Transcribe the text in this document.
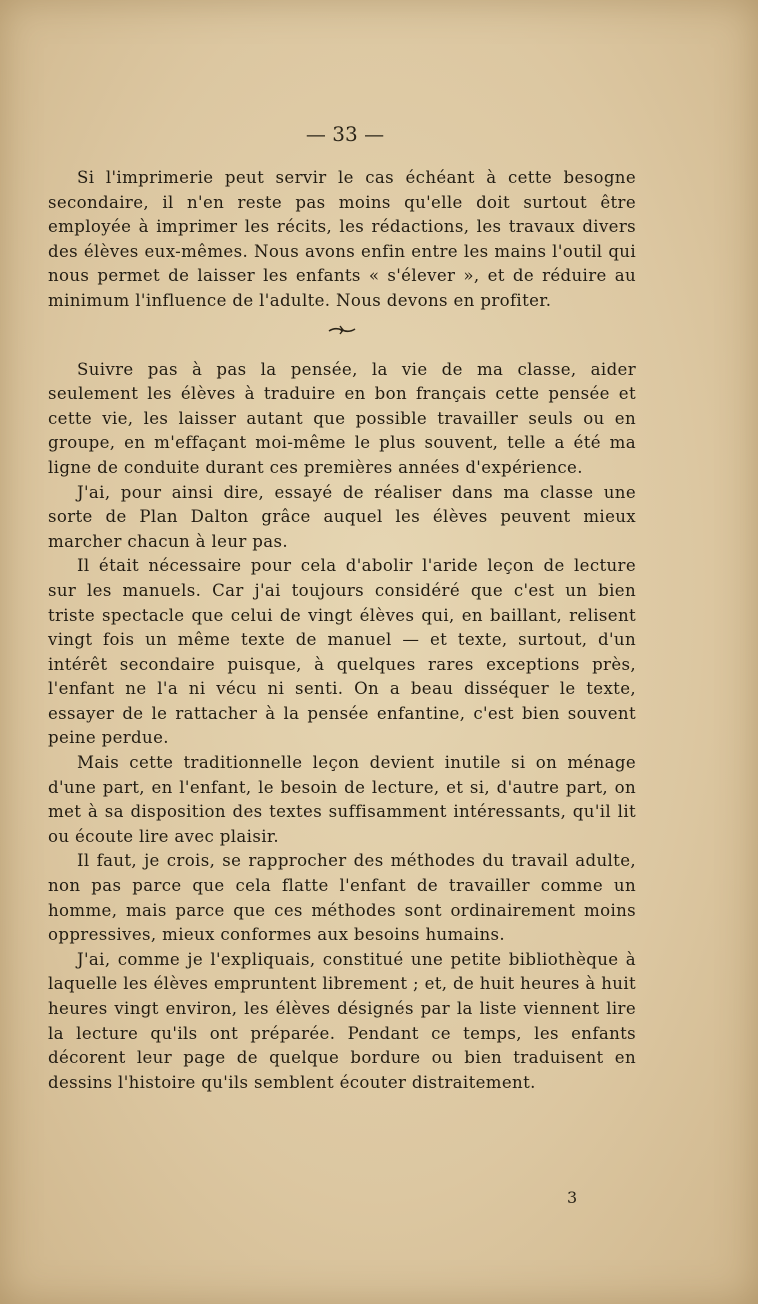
— 33 —

Si l'imprimerie peut servir le cas échéant à cette besogne secondaire, il n'en reste pas moins qu'elle doit surtout être employée à imprimer les récits, les rédactions, les travaux divers des élèves eux-mêmes. Nous avons enfin entre les mains l'outil qui nous permet de laisser les enfants « s'élever », et de réduire au minimum l'influence de l'adulte. Nous devons en profiter.

Suivre pas à pas la pensée, la vie de ma classe, aider seulement les élèves à traduire en bon français cette pensée et cette vie, les laisser autant que possible travailler seuls ou en groupe, en m'effaçant moi-même le plus souvent, telle a été ma ligne de conduite durant ces premières années d'expérience.

J'ai, pour ainsi dire, essayé de réaliser dans ma classe une sorte de Plan Dalton grâce auquel les élèves peuvent mieux marcher chacun à leur pas.

Il était nécessaire pour cela d'abolir l'aride leçon de lecture sur les manuels. Car j'ai toujours considéré que c'est un bien triste spectacle que celui de vingt élèves qui, en baillant, relisent vingt fois un même texte de manuel — et texte, surtout, d'un intérêt secondaire puisque, à quelques rares exceptions près, l'enfant ne l'a ni vécu ni senti. On a beau disséquer le texte, essayer de le rattacher à la pensée enfantine, c'est bien souvent peine perdue.

Mais cette traditionnelle leçon devient inutile si on ménage d'une part, en l'enfant, le besoin de lecture, et si, d'autre part, on met à sa disposition des textes suffisamment intéressants, qu'il lit ou écoute lire avec plaisir.

Il faut, je crois, se rapprocher des méthodes du travail adulte, non pas parce que cela flatte l'enfant de travailler comme un homme, mais parce que ces méthodes sont ordinairement moins oppressives, mieux conformes aux besoins humains.

J'ai, comme je l'expliquais, constitué une petite bibliothèque à laquelle les élèves empruntent librement ; et, de huit heures à huit heures vingt environ, les élèves désignés par la liste viennent lire la lecture qu'ils ont préparée. Pendant ce temps, les enfants décorent leur page de quelque bordure ou bien traduisent en dessins l'histoire qu'ils semblent écouter distraitement.

3
